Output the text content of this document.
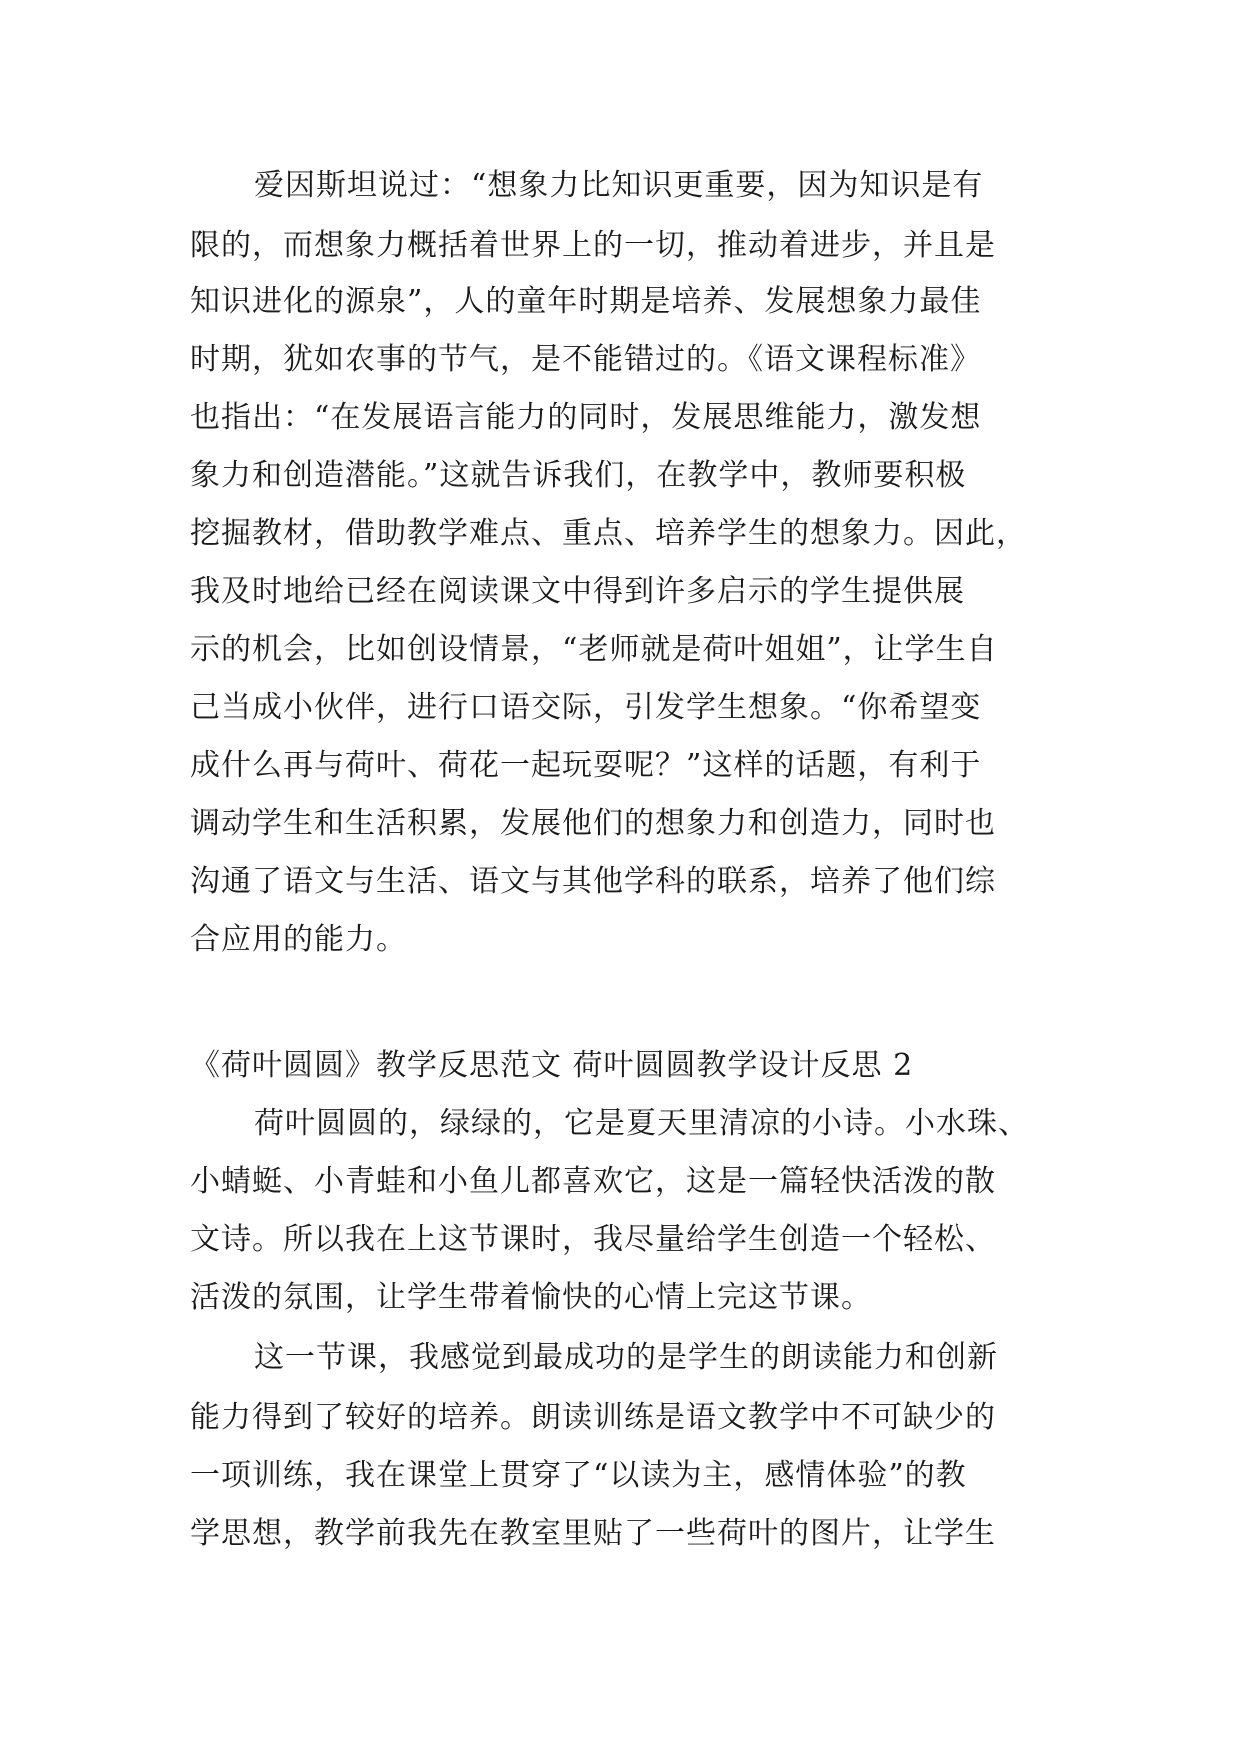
爱因斯坦说过：“想象力比知识更重要，因为知识是有
限的，而想象力概括着世界上的一切，推动着进步，并且是
知识进化的源泉”，人的童年时期是培养、发展想象力最佳
时期，犹如农事的节气，是不能错过的。《语文课程标准》
也指出：“在发展语言能力的同时，发展思维能力，激发想
象力和创造潜能。”这就告诉我们，在教学中，教师要积极
挖掘教材，借助教学难点、重点、培养学生的想象力。因此，
我及时地给已经在阅读课文中得到许多启示的学生提供展
示的机会，比如创设情景，“老师就是荷叶姐姐”，让学生自
己当成小伙伴，进行口语交际，引发学生想象。“你希望变
成什么再与荷叶、荷花一起玩耍呢？”这样的话题，有利于
调动学生和生活积累，发展他们的想象力和创造力，同时也
沟通了语文与生活、语文与其他学科的联系，培养了他们综
合应用的能力。
《荷叶圆圆》教学反思范文 荷叶圆圆教学设计反思 2
荷叶圆圆的，绿绿的，它是夏天里清凉的小诗。小水珠、
小蜻蜓、小青蛙和小鱼儿都喜欢它，这是一篇轻快活泼的散
文诗。所以我在上这节课时，我尽量给学生创造一个轻松、
活泼的氛围，让学生带着愉快的心情上完这节课。
这一节课，我感觉到最成功的是学生的朗读能力和创新
能力得到了较好的培养。朗读训练是语文教学中不可缺少的
一项训练，我在课堂上贯穿了“以读为主，感情体验”的教
学思想，教学前我先在教室里贴了一些荷叶的图片，让学生
